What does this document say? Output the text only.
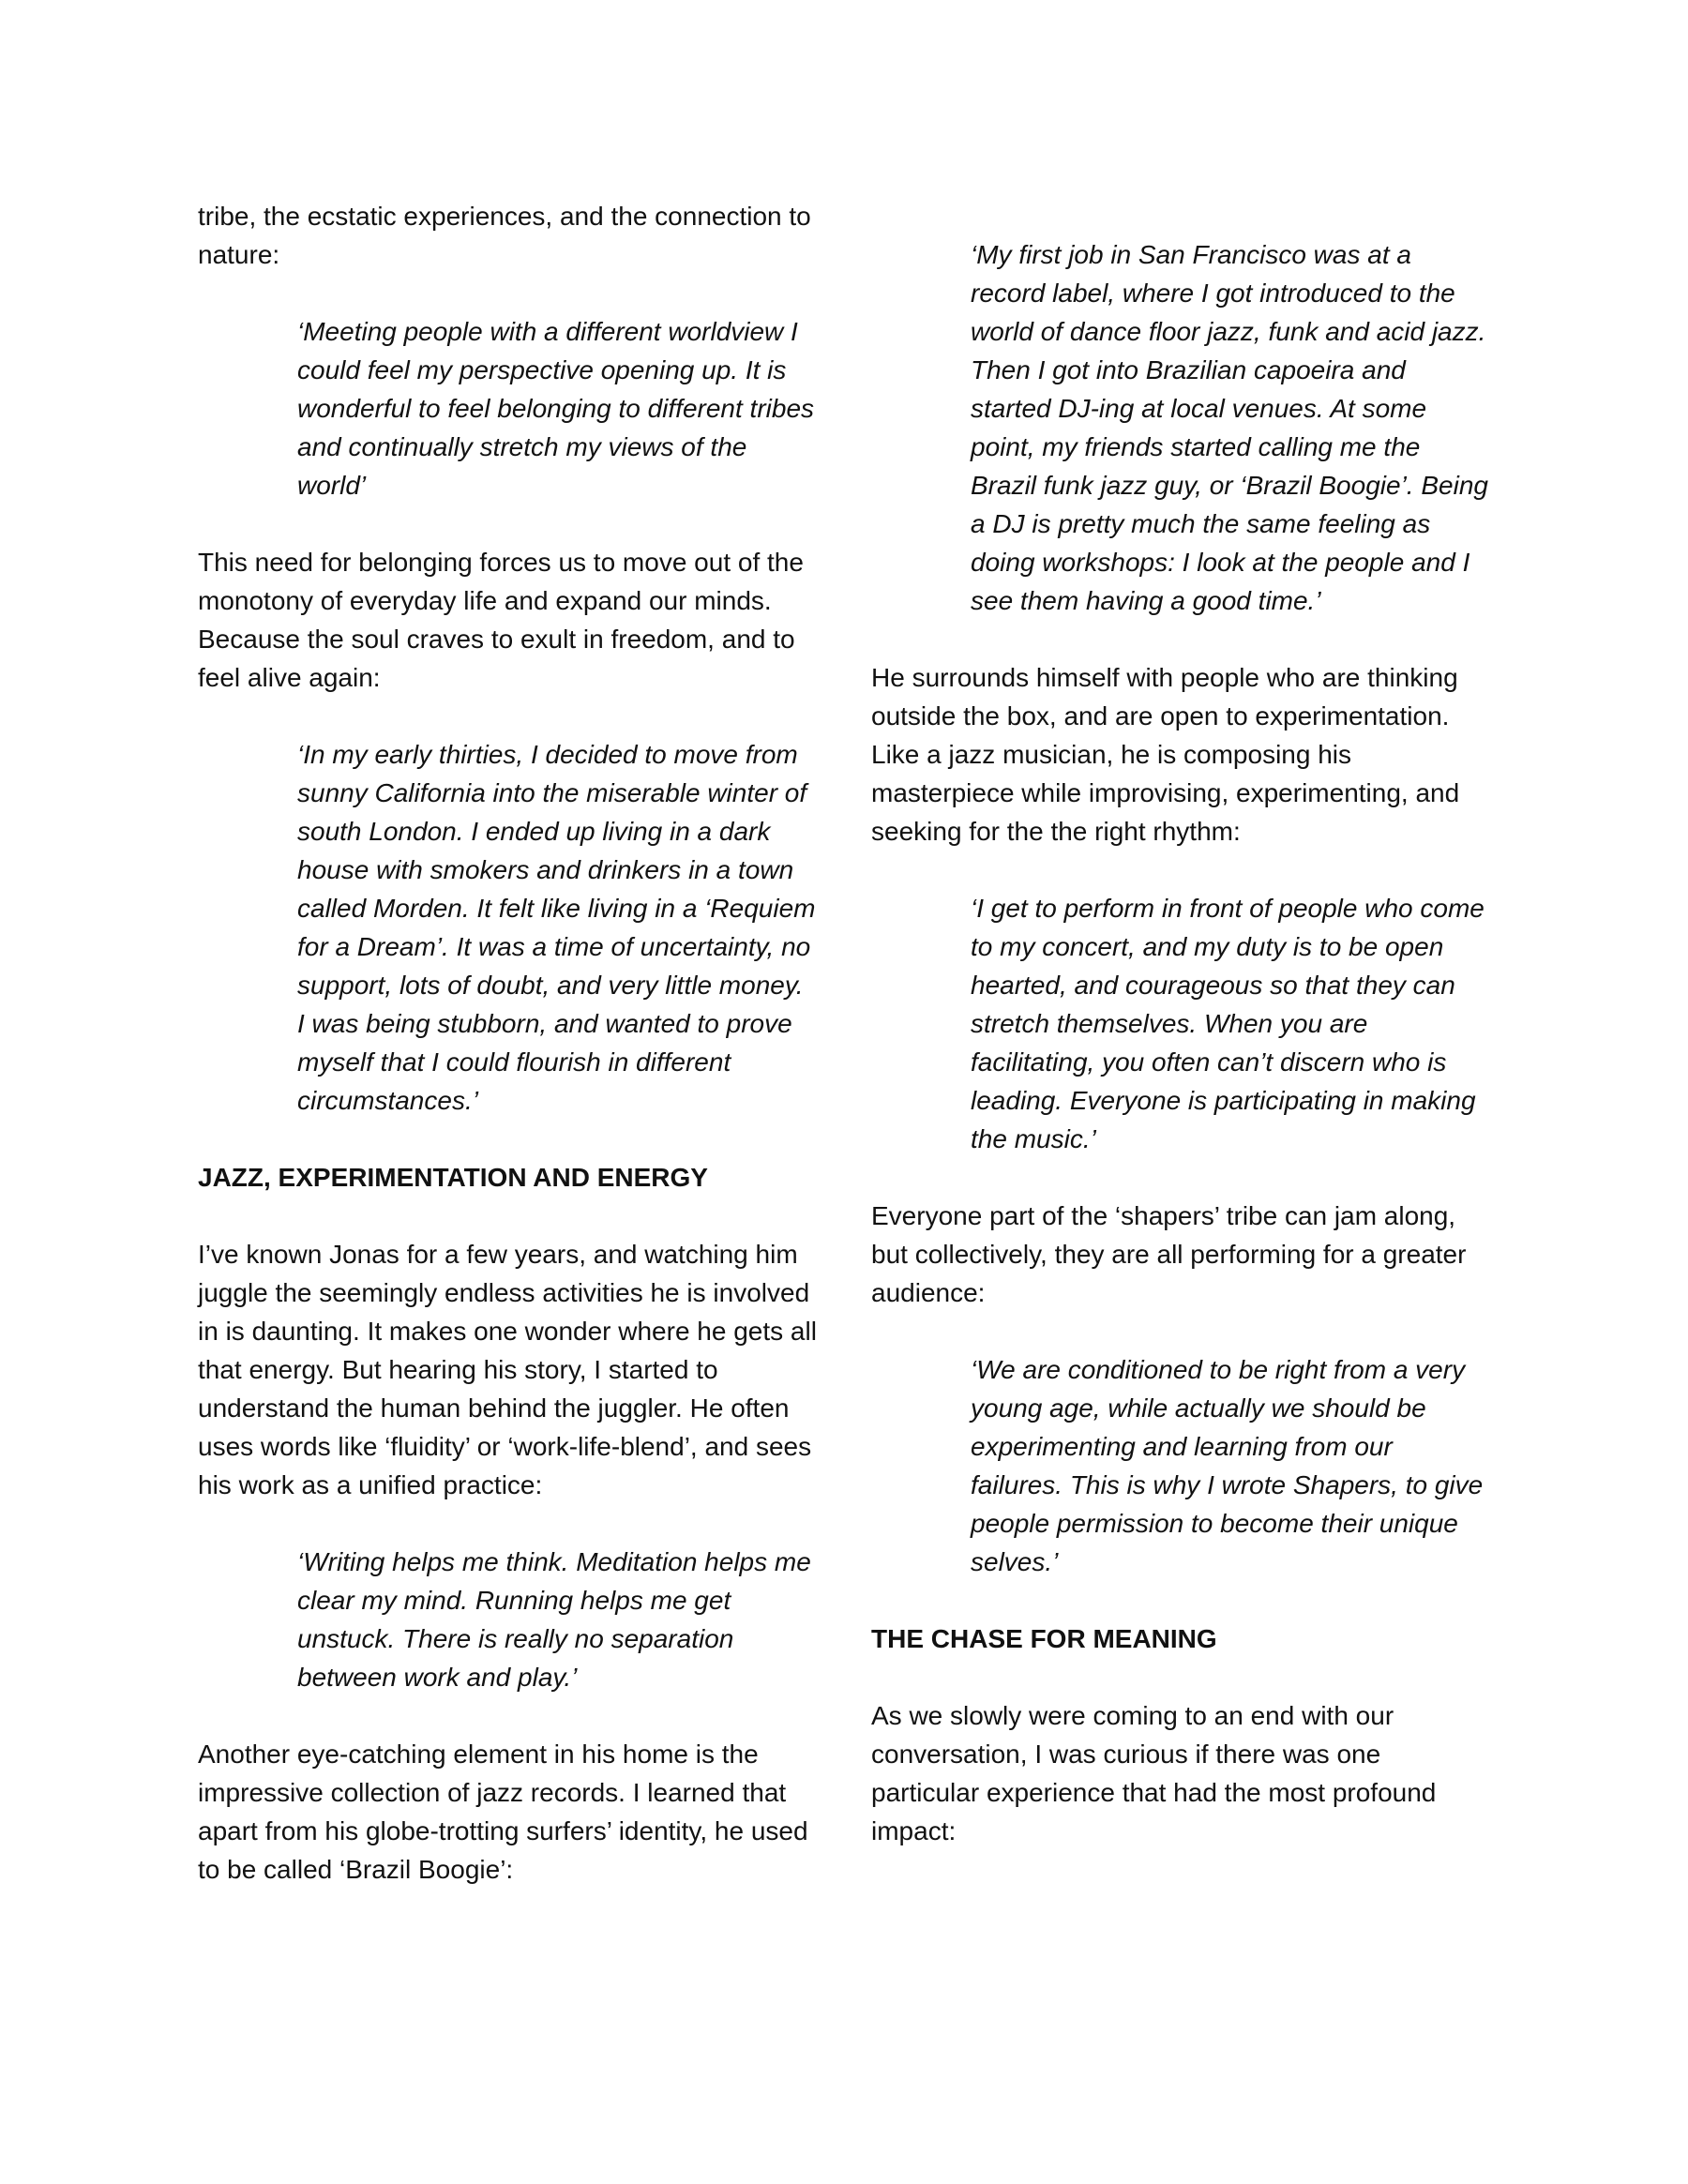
tribe, the ecstatic experiences, and the connection to nature:

‘Meeting people with a different worldview I could feel my perspective opening up. It is wonderful to feel belonging to different tribes and continually stretch my views of the world’

This need for belonging forces us to move out of the monotony of everyday life and expand our minds. Because the soul craves to exult in freedom, and to feel alive again:

‘In my early thirties, I decided to move from sunny California into the miserable winter of south London. I ended up living in a dark house with smokers and drinkers in a town called Morden. It felt like living in a ‘Requiem for a Dream’. It was a time of uncertainty, no support, lots of doubt, and very little money. I was being stubborn, and wanted to prove myself that I could flourish in different circumstances.’

JAZZ, EXPERIMENTATION AND ENERGY

I’ve known Jonas for a few years, and watching him juggle the seemingly endless activities he is involved in is daunting. It makes one wonder where he gets all that energy. But hearing his story, I started to understand the human behind the juggler. He often uses words like ‘fluidity’ or ‘work-life-blend’, and sees his work as a unified practice:

‘Writing helps me think. Meditation helps me clear my mind. Running helps me get unstuck. There is really no separation between work and play.’

Another eye-catching element in his home is the impressive collection of jazz records. I learned that apart from his globe-trotting surfers’ identity, he used to be called ‘Brazil Boogie’:

‘My first job in San Francisco was at a record label, where I got introduced to the world of dance floor jazz, funk and acid jazz. Then I got into Brazilian capoeira and started DJ-ing at local venues. At some point, my friends started calling me the Brazil funk jazz guy, or ‘Brazil Boogie’. Being a DJ is pretty much the same feeling as doing workshops: I look at the people and I see them having a good time.’

He surrounds himself with people who are thinking outside the box, and are open to experimentation. Like a jazz musician, he is composing his masterpiece while improvising, experimenting, and seeking for the the right rhythm:

‘I get to perform in front of people who come to my concert, and my duty is to be open hearted, and courageous so that they can stretch themselves. When you are facilitating, you often can’t discern who is leading. Everyone is participating in making the music.’

Everyone part of the ‘shapers’ tribe can jam along, but collectively, they are all performing for a greater audience:

‘We are conditioned to be right from a very young age, while actually we should be experimenting and learning from our failures. This is why I wrote Shapers, to give people permission to become their unique selves.’

THE CHASE FOR MEANING

As we slowly were coming to an end with our conversation, I was curious if there was one particular experience that had the most profound impact:
